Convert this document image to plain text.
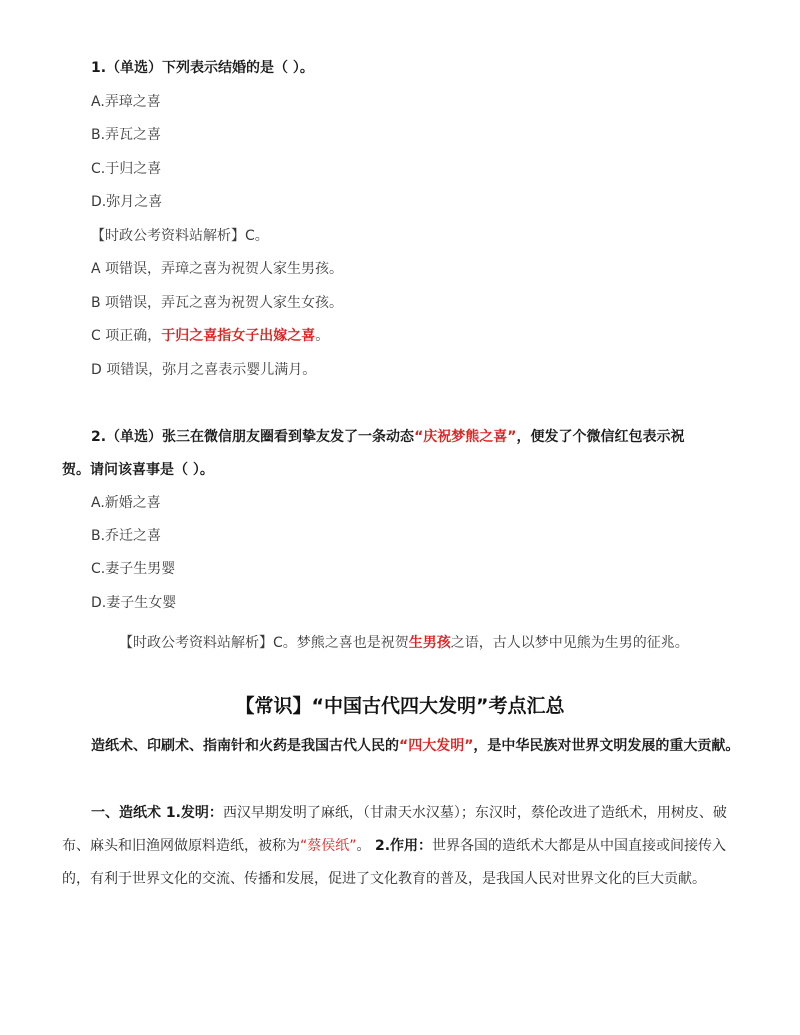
1.（单选）下列表示结婚的是（ ）。
A.弄璋之喜
B.弄瓦之喜
C.于归之喜
D.弥月之喜
【时政公考资料站解析】C。
A 项错误，弄璋之喜为祝贺人家生男孩。
B 项错误，弄瓦之喜为祝贺人家生女孩。
C 项正确，于归之喜指女子出嫁之喜。
D 项错误，弥月之喜表示婴儿满月。
2.（单选）张三在微信朋友圈看到挚友发了一条动态“庆祝梦熊之喜”，便发了个微信红包表示祝
贺。请问该喜事是（ ）。
A.新婚之喜
B.乔迁之喜
C.妻子生男婴
D.妻子生女婴
【时政公考资料站解析】C。梦熊之喜也是祝贺生男孩之语，古人以梦中见熊为生男的征兆。
【常识】“中国古代四大发明”考点汇总
造纸术、印刷术、指南针和火药是我国古代人民的“四大发明”，是中华民族对世界文明发展的重大贡献。
一、造纸术 1.发明：西汉早期发明了麻纸，（甘肃天水汉墓）；东汉时，蔡伦改进了造纸术，用树皮、破布、麻头和旧渔网做原料造纸，被称为“蔡侯纸”。 2.作用：世界各国的造纸术大都是从中国直接或间接传入的，有利于世界文化的交流、传播和发展，促进了文化教育的普及，是我国人民对世界文化的巨大贡献。
